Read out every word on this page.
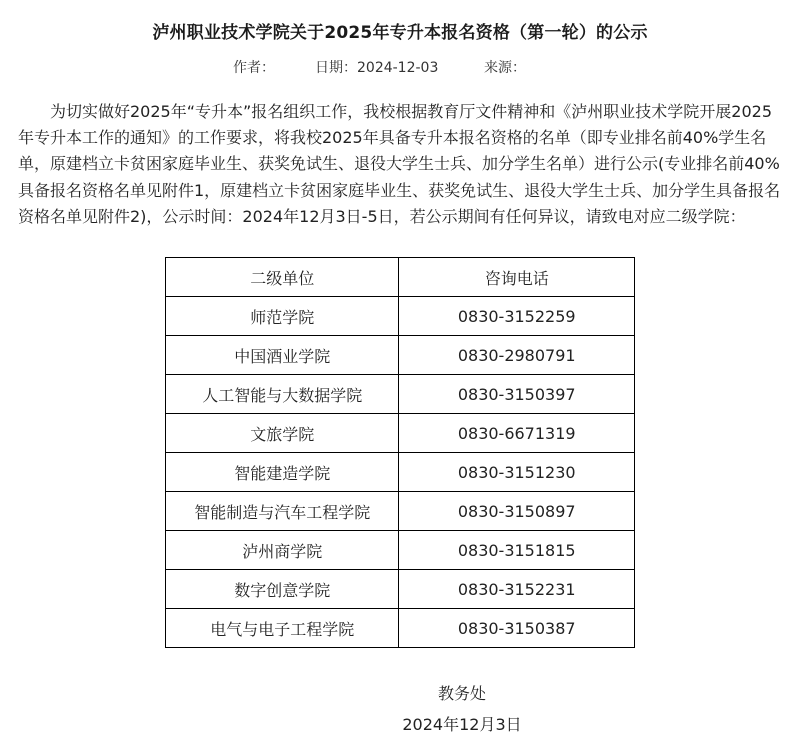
泸州职业技术学院关于2025年专升本报名资格（第一轮）的公示
作者：	日期：2024-12-03	来源：

为切实做好2025年“专升本”报名组织工作，我校根据教育厅文件精神和《泸州职业技术学院开展2025年专升本工作的通知》的工作要求，将我校2025年具备专升本报名资格的名单（即专业排名前40%学生名单，原建档立卡贫困家庭毕业生、获奖免试生、退役大学生士兵、加分学生名单）进行公示(专业排名前40%具备报名资格名单见附件1，原建档立卡贫困家庭毕业生、获奖免试生、退役大学生士兵、加分学生具备报名资格名单见附件2)，公示时间：2024年12月3日-5日，若公示期间有任何异议，请致电对应二级学院：

二级单位	咨询电话
师范学院	0830-3152259
中国酒业学院	0830-2980791
人工智能与大数据学院	0830-3150397
文旅学院	0830-6671319
智能建造学院	0830-3151230
智能制造与汽车工程学院	0830-3150897
泸州商学院	0830-3151815
数字创意学院	0830-3152231
电气与电子工程学院	0830-3150387
教务处
2024年12月3日
